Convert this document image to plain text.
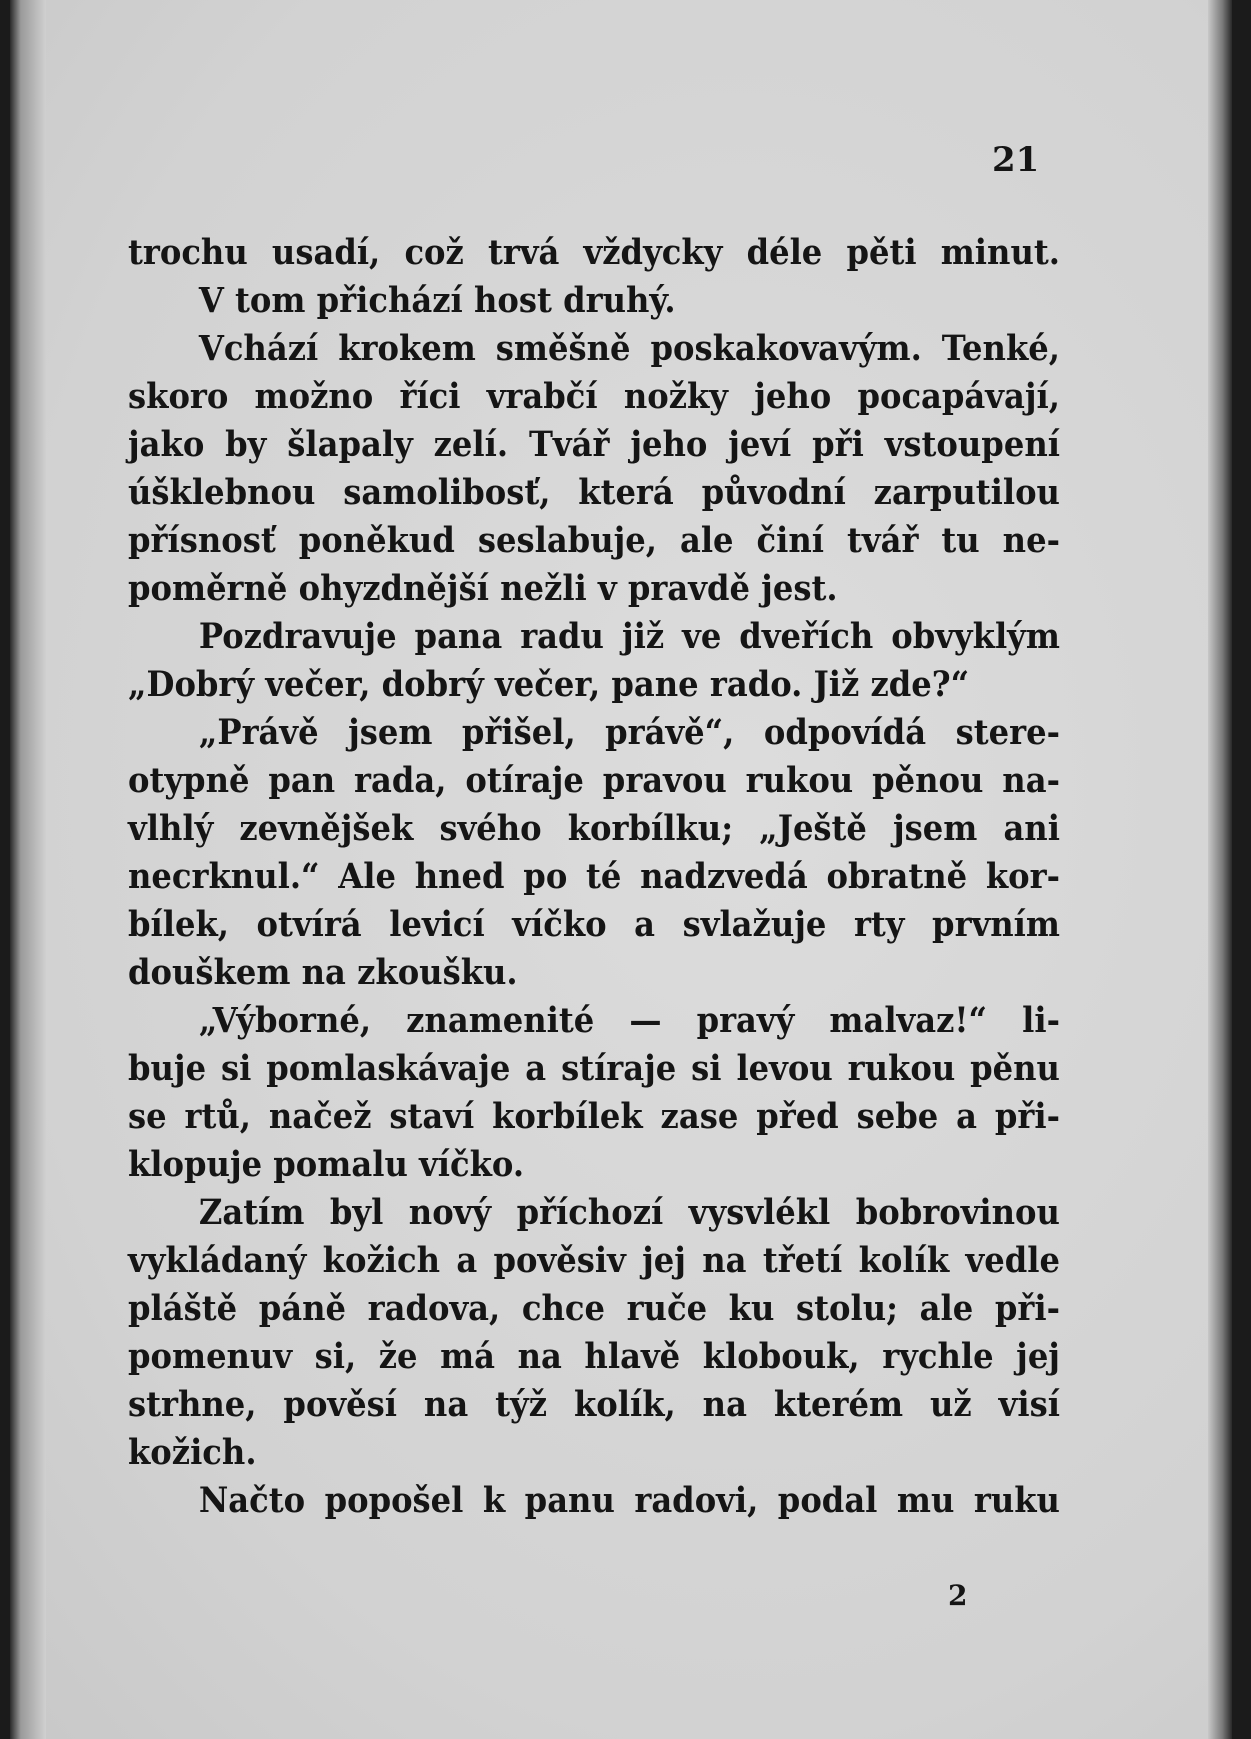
21
trochu usadí, což trvá vždycky déle pěti minut.
V tom přichází host druhý.
Vchází krokem směšně poskakovavým. Tenké,
skoro možno říci vrabčí nožky jeho pocapávají,
jako by šlapaly zelí. Tvář jeho jeví při vstoupení
úšklebnou samolibosť, která původní zarputilou
přísnosť poněkud seslabuje, ale činí tvář tu ne-
poměrně ohyzdnější nežli v pravdě jest.
Pozdravuje pana radu již ve dveřích obvyklým
„Dobrý večer, dobrý večer, pane rado. Již zde?“
„Právě jsem přišel, právě“, odpovídá stere-
otypně pan rada, otíraje pravou rukou pěnou na-
vlhlý zevnějšek svého korbílku; „Ještě jsem ani
necrknul.“ Ale hned po té nadzvedá obratně kor-
bílek, otvírá levicí víčko a svlažuje rty prvním
douškem na zkoušku.
„Výborné, znamenité — pravý malvaz!“ li-
buje si pomlaskávaje a stíraje si levou rukou pěnu
se rtů, načež staví korbílek zase před sebe a při-
klopuje pomalu víčko.
Zatím byl nový příchozí vysvlékl bobrovinou
vykládaný kožich a pověsiv jej na třetí kolík vedle
pláště páně radova, chce ruče ku stolu; ale při-
pomenuv si, že má na hlavě klobouk, rychle jej
strhne, pověsí na týž kolík, na kterém už visí
kožich.
Načto popošel k panu radovi, podal mu ruku
2
